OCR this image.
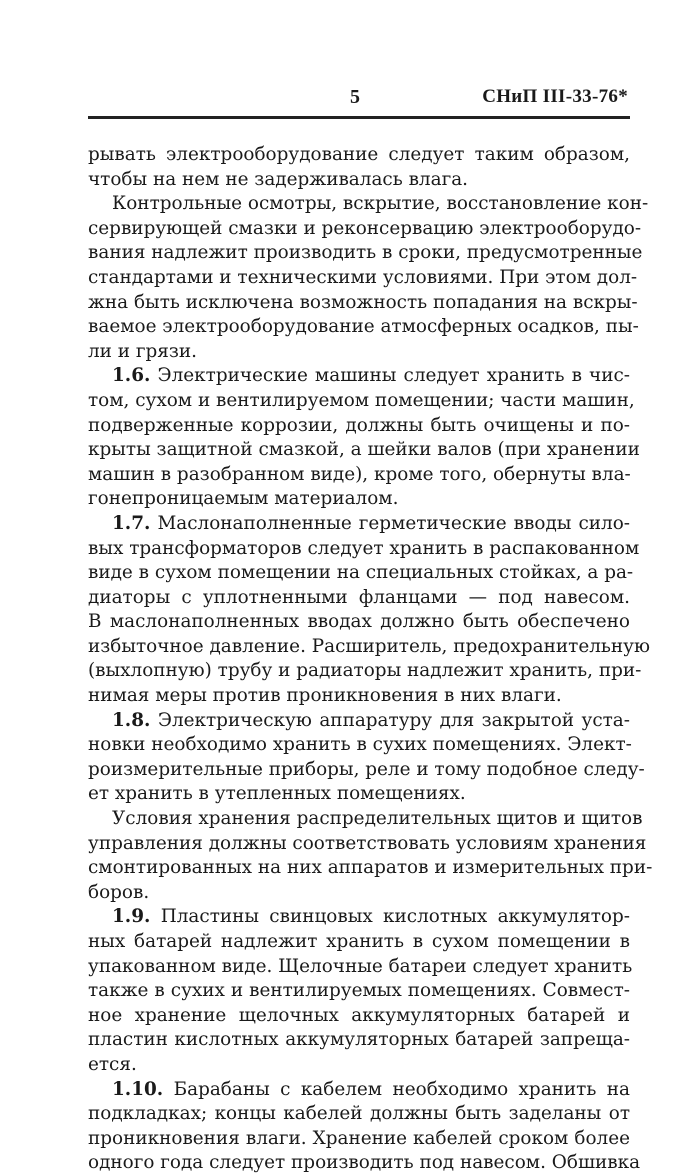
5	СНиП III-33-76*
рывать электрооборудование следует таким образом,
чтобы на нем не задерживалась влага.
Контрольные осмотры, вскрытие, восстановление кон-
сервирующей смазки и реконсервацию электрооборудо-
вания надлежит производить в сроки, предусмотренные
стандартами и техническими условиями. При этом дол-
жна быть исключена возможность попадания на вскры-
ваемое электрооборудование атмосферных осадков, пы-
ли и грязи.
1.6. Электрические машины следует хранить в чис-
том, сухом и вентилируемом помещении; части машин,
подверженные коррозии, должны быть очищены и по-
крыты защитной смазкой, а шейки валов (при хранении
машин в разобранном виде), кроме того, обернуты вла-
гонепроницаемым материалом.
1.7. Маслонаполненные герметические вводы сило-
вых трансформаторов следует хранить в распакованном
виде в сухом помещении на специальных стойках, а ра-
диаторы с уплотненными фланцами — под навесом.
В маслонаполненных вводах должно быть обеспечено
избыточное давление. Расширитель, предохранительную
(выхлопную) трубу и радиаторы надлежит хранить, при-
нимая меры против проникновения в них влаги.
1.8. Электрическую аппаратуру для закрытой уста-
новки необходимо хранить в сухих помещениях. Элект-
роизмерительные приборы, реле и тому подобное следу-
ет хранить в утепленных помещениях.
Условия хранения распределительных щитов и щитов
управления должны соответствовать условиям хранения
смонтированных на них аппаратов и измерительных при-
боров.
1.9. Пластины свинцовых кислотных аккумулятор-
ных батарей надлежит хранить в сухом помещении в
упакованном виде. Щелочные батареи следует хранить
также в сухих и вентилируемых помещениях. Совмест-
ное хранение щелочных аккумуляторных батарей и
пластин кислотных аккумуляторных батарей запреща-
ется.
1.10. Барабаны с кабелем необходимо хранить на
подкладках; концы кабелей должны быть заделаны от
проникновения влаги. Хранение кабелей сроком более
одного года следует производить под навесом. Обшивка
